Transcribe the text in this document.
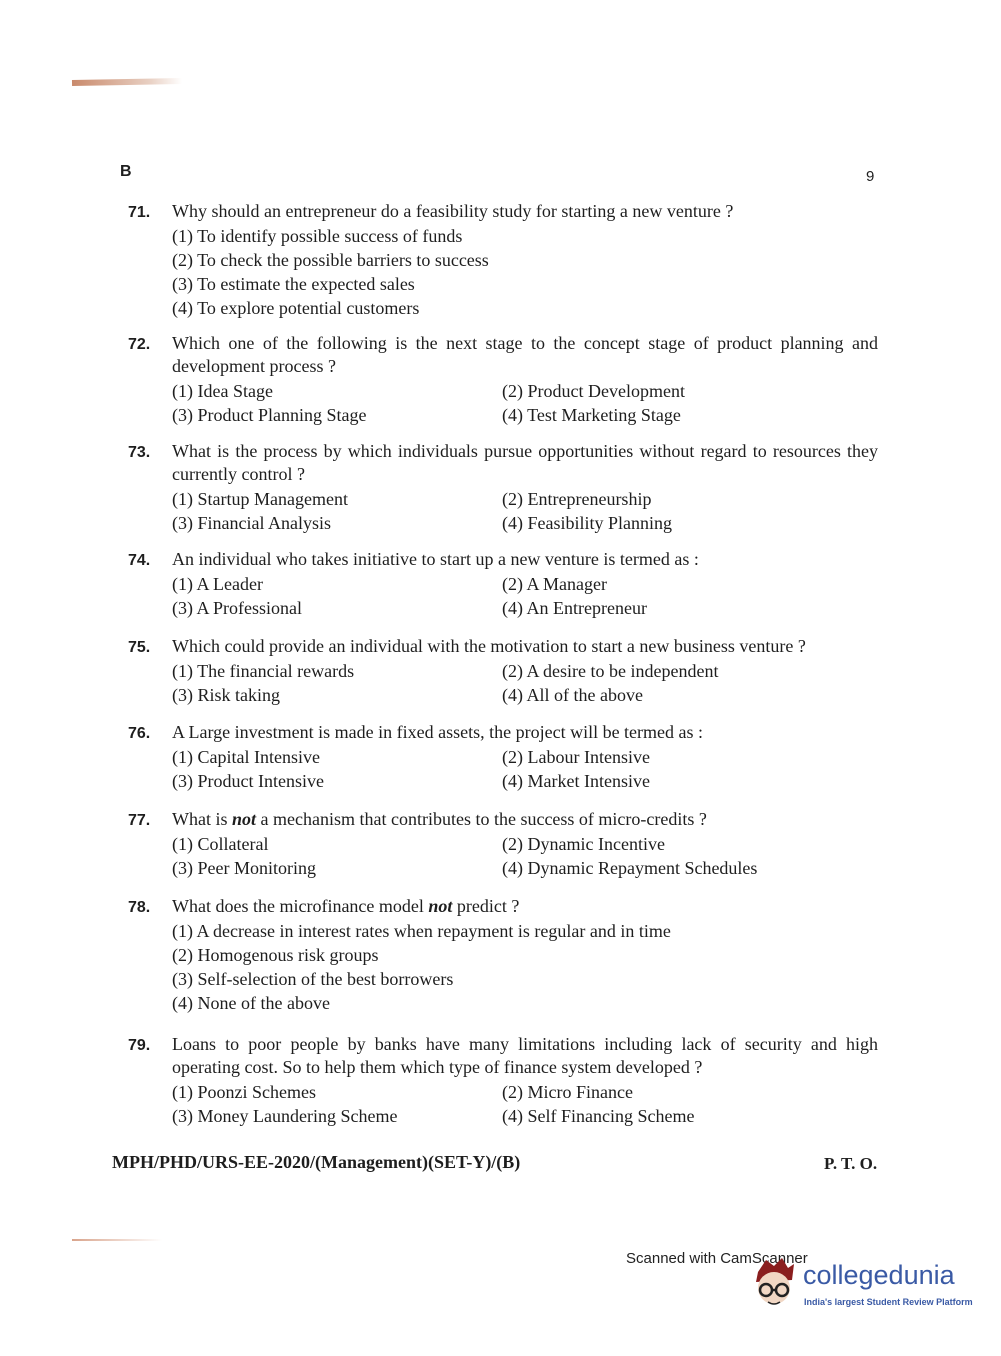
B	9
71.	Why should an entrepreneur do a feasibility study for starting a new venture ?
(1) To identify possible success of funds
(2) To check the possible barriers to success
(3) To estimate the expected sales
(4) To explore potential customers
72.	Which one of the following is the next stage to the concept stage of product planning and development process ?
(1) Idea Stage	(2) Product Development
(3) Product Planning Stage	(4) Test Marketing Stage
73.	What is the process by which individuals pursue opportunities without regard to resources they currently control ?
(1) Startup Management	(2) Entrepreneurship
(3) Financial Analysis	(4) Feasibility Planning
74.	An individual who takes initiative to start up a new venture is termed as :
(1) A Leader	(2) A Manager
(3) A Professional	(4) An Entrepreneur
75.	Which could provide an individual with the motivation to start a new business venture ?
(1) The financial rewards	(2) A desire to be independent
(3) Risk taking	(4) All of the above
76.	A Large investment is made in fixed assets, the project will be termed as :
(1) Capital Intensive	(2) Labour Intensive
(3) Product Intensive	(4) Market Intensive
77.	What is not a mechanism that contributes to the success of micro-credits ?
(1) Collateral	(2) Dynamic Incentive
(3) Peer Monitoring	(4) Dynamic Repayment Schedules
78.	What does the microfinance model not predict ?
(1) A decrease in interest rates when repayment is regular and in time
(2) Homogenous risk groups
(3) Self-selection of the best borrowers
(4) None of the above
79.	Loans to poor people by banks have many limitations including lack of security and high operating cost. So to help them which type of finance system developed ?
(1) Poonzi Schemes	(2) Micro Finance
(3) Money Laundering Scheme	(4) Self Financing Scheme
MPH/PHD/URS-EE-2020/(Management)(SET-Y)/(B)	P. T. O.
Scanned with CamScanner
collegedunia
India's largest Student Review Platform
